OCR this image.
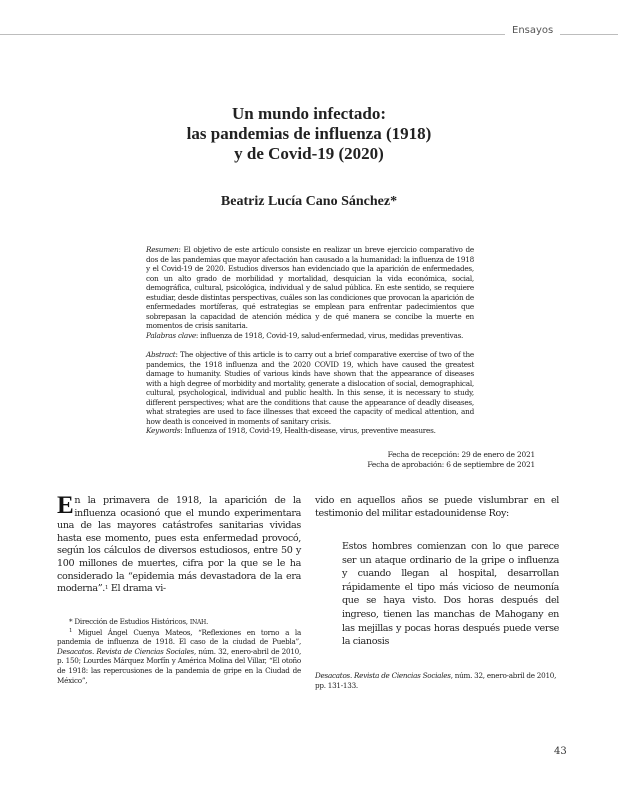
Ensayos
Un mundo infectado:
las pandemias de influenza (1918)
y de Covid-19 (2020)
Beatriz Lucía Cano Sánchez*

Resumen: El objetivo de este artículo consiste en realizar un breve ejercicio comparativo de dos de las pandemias que mayor afectación han causado a la humanidad: la influenza de 1918 y el Covid-19 de 2020. Estudios diversos han evidenciado que la aparición de enfermedades, con un alto grado de morbilidad y mortalidad, desquician la vida económica, social, demográfica, cultural, psicológica, individual y de salud pública. En este sentido, se requiere estudiar, desde distintas perspectivas, cuáles son las condiciones que provocan la aparición de enfermedades mortíferas, qué estrategias se emplean para enfrentar padecimientos que sobrepasan la capacidad de atención médica y de qué manera se concibe la muerte en momentos de crisis sanitaria.

Palabras clave: influenza de 1918, Covid-19, salud-enfermedad, virus, medidas preventivas.

Abstract: The objective of this article is to carry out a brief comparative exercise of two of the pandemics, the 1918 influenza and the 2020 COVID 19, which have caused the greatest damage to humanity. Studies of various kinds have shown that the appearance of diseases with a high degree of morbidity and mortality, generate a dislocation of social, demographical, cultural, psychological, individual and public health. In this sense, it is necessary to study, different perspectives; what are the conditions that cause the appearance of deadly diseases, what strategies are used to face illnesses that exceed the capacity of medical attention, and how death is conceived in moments of sanitary crisis.

Keywords: Influenza of 1918, Covid-19, Health-disease, virus, preventive measures.

Fecha de recepción: 29 de enero de 2021
Fecha de aprobación: 6 de septiembre de 2021
En la primavera de 1918, la aparición de la influenza ocasionó que el mundo experimentara una de las mayores catástrofes sanitarias vividas hasta ese momento, pues esta enfermedad provocó, según los cálculos de diversos estudiosos, entre 50 y 100 millones de muertes, cifra por la que se le ha considerado la “epidemia más devastadora de la era moderna”.$^1$ El drama vi-

vido en aquellos años se puede vislumbrar en el testimonio del militar estadounidense Roy:

Estos hombres comienzan con lo que parece ser un ataque ordinario de la gripe o influenza y cuando llegan al hospital, desarrollan rápidamente el tipo más vicioso de neumonía que se haya visto. Dos horas después del ingreso, tienen las manchas de Mahogany en las mejillas y pocas horas después puede verse la cianosis

* Dirección de Estudios Históricos, INAH.

$^1$ Miguel Ángel Cuenya Mateos, “Reflexiones en torno a la pandemia de influenza de 1918. El caso de la ciudad de Puebla”, Desacatos. Revista de Ciencias Sociales, núm. 32, enero-abril de 2010, p. 150; Lourdes Márquez Morfín y América Molina del Villar, “El otoño de 1918: las repercusiones de la pandemia de gripe en la Ciudad de México”,

Desacatos. Revista de Ciencias Sociales, núm. 32, enero-abril de 2010, pp. 131-133.
43
